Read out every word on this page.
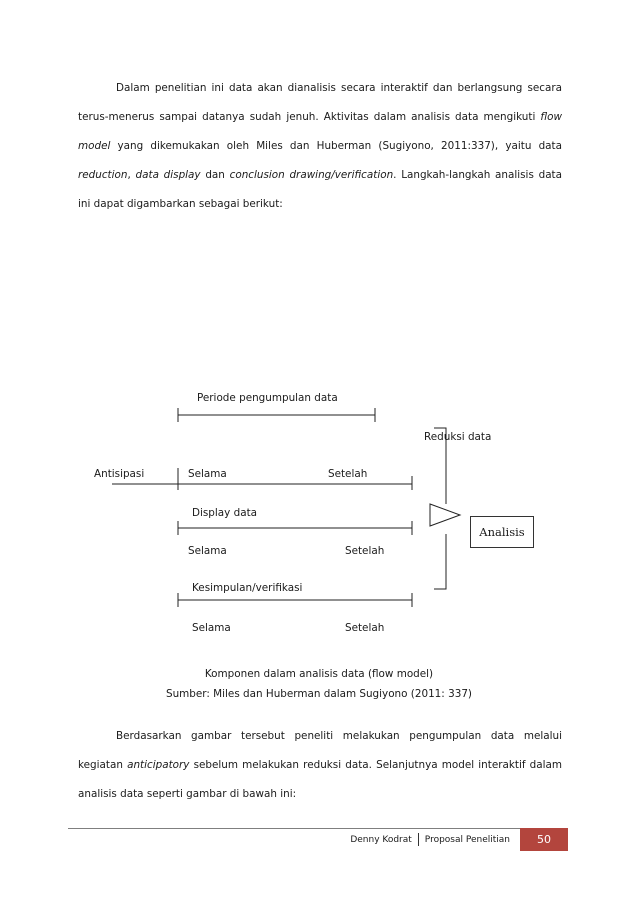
Dalam penelitian ini data akan dianalisis secara interaktif dan berlangsung secara terus-menerus sampai datanya sudah jenuh. Aktivitas dalam analisis data mengikuti flow model yang dikemukakan oleh Miles dan Huberman (Sugiyono, 2011:337), yaitu data reduction, data display dan conclusion drawing/verification. Langkah-langkah analisis data ini dapat digambarkan sebagai berikut:

Periode pengumpulan data
Reduksi data
Antisipasi	Selama	Setelah
Display data
Selama	Setelah
Kesimpulan/verifikasi
Selama	Setelah
Analisis
Komponen dalam analisis data (flow model)
Sumber: Miles dan Huberman dalam Sugiyono (2011: 337)

Berdasarkan gambar tersebut peneliti melakukan pengumpulan data melalui kegiatan anticipatory sebelum melakukan reduksi data. Selanjutnya model interaktif dalam analisis data seperti gambar di bawah ini:

Denny Kodrat Proposal Penelitian	50
